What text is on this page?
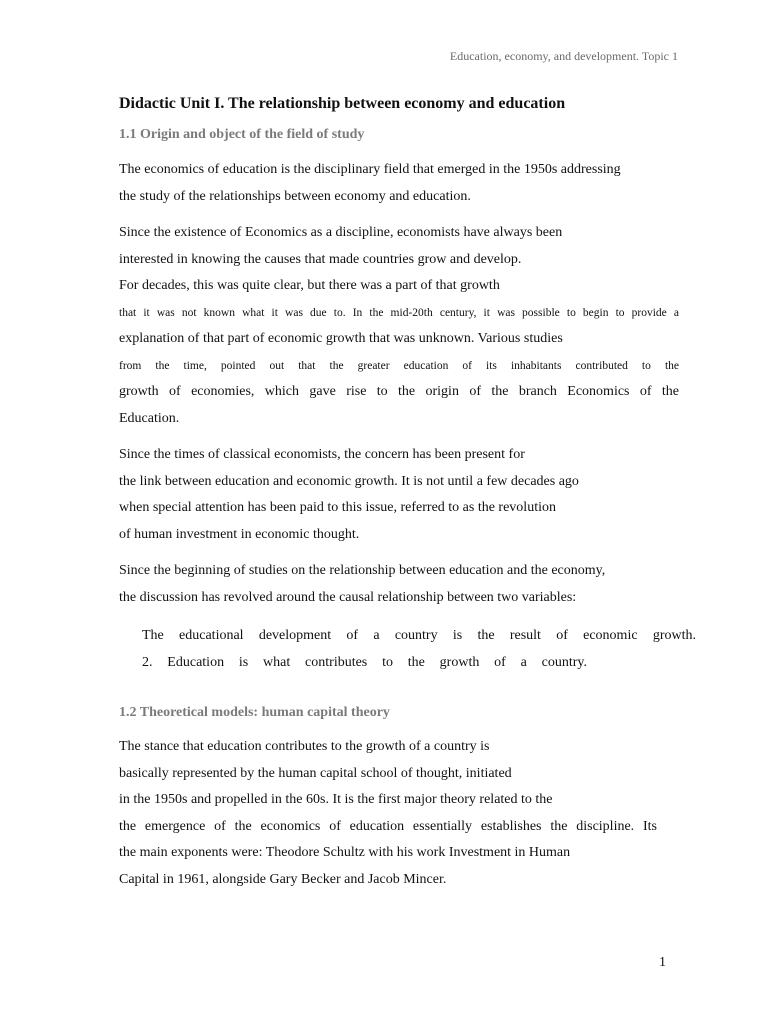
Education, economy, and development. Topic 1
Didactic Unit I. The relationship between economy and education
1.1 Origin and object of the field of study
The economics of education is the disciplinary field that emerged in the 1950s addressing
the study of the relationships between economy and education.
Since the existence of Economics as a discipline, economists have always been
interested in knowing the causes that made countries grow and develop.
For decades, this was quite clear, but there was a part of that growth
that it was not known what it was due to. In the mid-20th century, it was possible to begin to provide a
explanation of that part of economic growth that was unknown. Various studies
from the time, pointed out that the greater education of its inhabitants contributed to the
growth of economies, which gave rise to the origin of the branch Economics of the
Education.
Since the times of classical economists, the concern has been present for
the link between education and economic growth. It is not until a few decades ago
when special attention has been paid to this issue, referred to as the revolution
of human investment in economic thought.
Since the beginning of studies on the relationship between education and the economy,
the discussion has revolved around the causal relationship between two variables:
The educational development of a country is the result of economic growth.
2. Education is what contributes to the growth of a country.
1.2 Theoretical models: human capital theory
The stance that education contributes to the growth of a country is
basically represented by the human capital school of thought, initiated
in the 1950s and propelled in the 60s. It is the first major theory related to the
the emergence of the economics of education essentially establishes the discipline. Its
the main exponents were: Theodore Schultz with his work Investment in Human
Capital in 1961, alongside Gary Becker and Jacob Mincer.
1
